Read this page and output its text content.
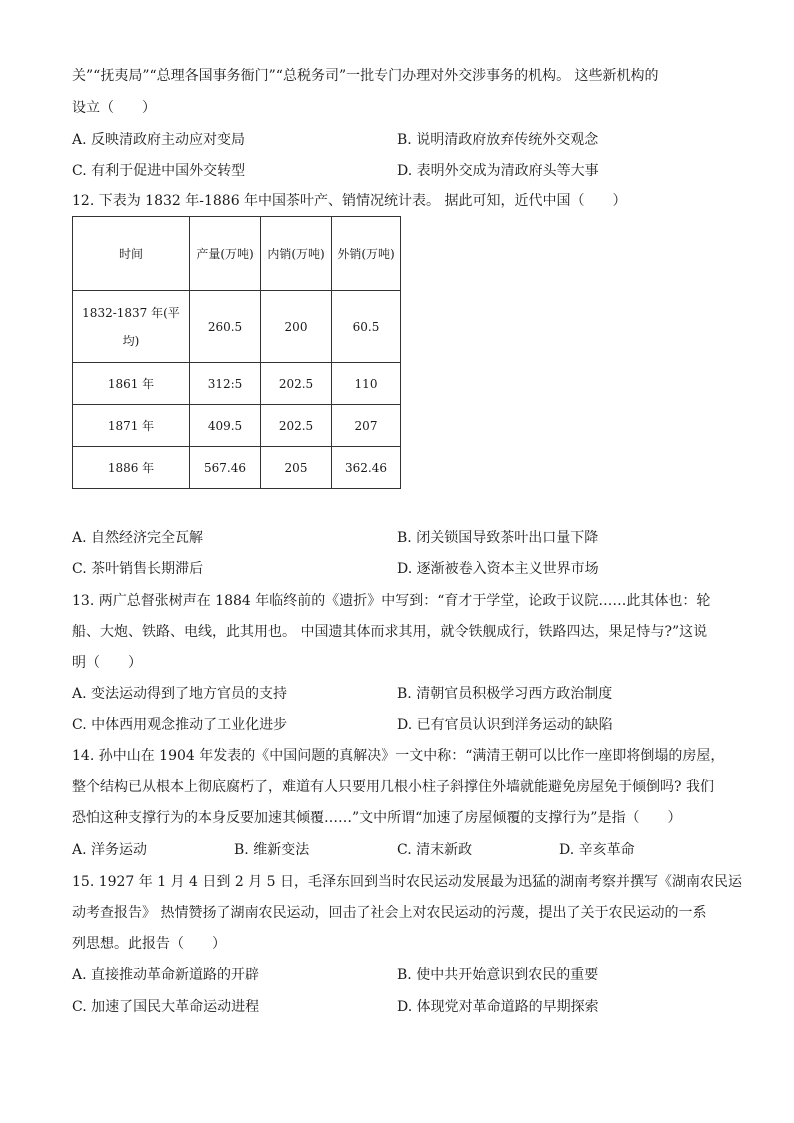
关”“抚夷局”“总理各国事务衙门”“总税务司”一批专门办理对外交涉事务的机构。 这些新机构的
设立（　　）
A. 反映清政府主动应对变局	B. 说明清政府放弃传统外交观念
C. 有利于促进中国外交转型	D. 表明外交成为清政府头等大事
12. 下表为 1832 年-1886 年中国茶叶产、销情况统计表。 据此可知，近代中国（　　）
时间	产量(万吨)	内销(万吨)	外销(万吨)
1832-1837 年(平均)	260.5	200	60.5
1861 年	312:5	202.5	110
1871 年	409.5	202.5	207
1886 年	567.46	205	362.46
A. 自然经济完全瓦解	B. 闭关锁国导致茶叶出口量下降
C. 茶叶销售长期滞后	D. 逐渐被卷入资本主义世界市场
13. 两广总督张树声在 1884 年临终前的《遗折》中写到：“育才于学堂，论政于议院……此其体也：轮
船、大炮、铁路、电线，此其用也。 中国遗其体而求其用，就令铁舰成行，铁路四达，果足恃与?”这说
明（　　）
A. 变法运动得到了地方官员的支持	B. 清朝官员积极学习西方政治制度
C. 中体西用观念推动了工业化进步	D. 已有官员认识到洋务运动的缺陷
14. 孙中山在 1904 年发表的《中国问题的真解决》一文中称：“满清王朝可以比作一座即将倒塌的房屋，
整个结构已从根本上彻底腐朽了，难道有人只要用几根小柱子斜撑住外墙就能避免房屋免于倾倒吗? 我们
恐怕这种支撑行为的本身反要加速其倾覆……”文中所谓“加速了房屋倾覆的支撑行为”是指（　　）
A. 洋务运动	B. 维新变法	C. 清末新政	D. 辛亥革命
15. 1927 年 1 月 4 日到 2 月 5 日，毛泽东回到当时农民运动发展最为迅猛的湖南考察并撰写《湖南农民运
动考查报告》 热情赞扬了湖南农民运动，回击了社会上对农民运动的污蔑，提出了关于农民运动的一系
列思想。此报告（　　）
A. 直接推动革命新道路的开辟	B. 使中共开始意识到农民的重要
C. 加速了国民大革命运动进程	D. 体现党对革命道路的早期探索
